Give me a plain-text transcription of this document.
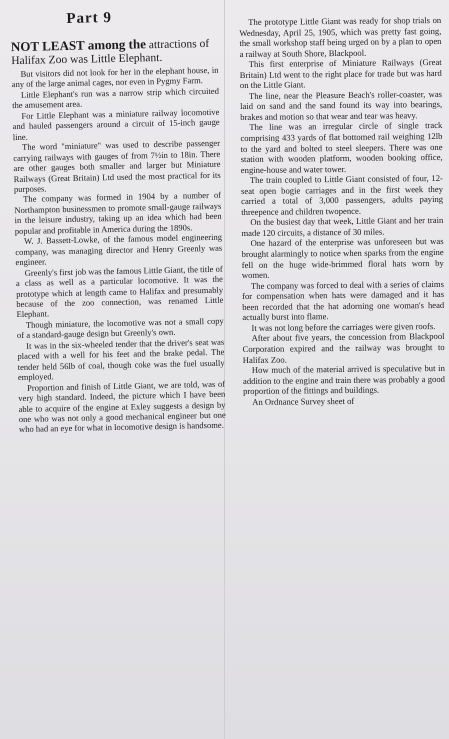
Part 9
NOT LEAST among the attractions of Halifax Zoo was Little Elephant.

But visitors did not look for her in the elephant house, in any of the large animal cages, nor even in Pygmy Farm.

Little Elephant's run was a narrow strip which circuited the amusement area.

For Little Elephant was a miniature railway locomotive and hauled passengers around a circuit of 15-inch gauge line.

The word "miniature" was used to describe passenger carrying railways with gauges of from 7½in to 18in. There are other gauges both smaller and larger but Miniature Railways (Great Britain) Ltd used the most practical for its purposes.

The company was formed in 1904 by a number of Northampton businessmen to promote small-gauge railways in the leisure industry, taking up an idea which had been popular and profitable in America during the 1890s.

W. J. Bassett-Lowke, of the famous model engineering company, was managing director and Henry Greenly was engineer.

Greenly's first job was the famous Little Giant, the title of a class as well as a particular locomotive. It was the prototype which at length came to Halifax and presumably because of the zoo connection, was renamed Little Elephant.

Though miniature, the locomotive was not a small copy of a standard-gauge design but Greenly's own.

It was in the six-wheeled tender that the driver's seat was placed with a well for his feet and the brake pedal. The tender held 56lb of coal, though coke was the fuel usually employed.

Proportion and finish of Little Giant, we are told, was of very high standard. Indeed, the picture which I have been able to acquire of the engine at Exley suggests a design by one who was not only a good mechanical engineer but one who had an eye for what in locomotive design is handsome.

The prototype Little Giant was ready for shop trials on Wednesday, April 25, 1905, which was pretty fast going, the small workshop staff being urged on by a plan to open a railway at South Shore, Blackpool.

This first enterprise of Miniature Railways (Great Britain) Ltd went to the right place for trade but was hard on the Little Giant.

The line, near the Pleasure Beach's roller-coaster, was laid on sand and the sand found its way into bearings, brakes and motion so that wear and tear was heavy.

The line was an irregular circle of single track comprising 433 yards of flat bottomed rail weighing 12lb to the yard and bolted to steel sleepers. There was one station with wooden platform, wooden booking office, engine-house and water tower.

The train coupled to Little Giant consisted of four, 12-seat open bogie carriages and in the first week they carried a total of 3,000 passengers, adults paying threepence and children twopence.

On the busiest day that week, Little Giant and her train made 120 circuits, a distance of 30 miles.

One hazard of the enterprise was unforeseen but was brought alarmingly to notice when sparks from the engine fell on the huge wide-brimmed floral hats worn by women.

The company was forced to deal with a series of claims for compensation when hats were damaged and it has been recorded that the hat adorning one woman's head actually burst into flame.

It was not long before the carriages were given roofs.

After about five years, the concession from Blackpool Corporation expired and the railway was brought to Halifax Zoo.

How much of the material arrived is speculative but in addition to the engine and train there was probably a good proportion of the fittings and buildings.

An Ordnance Survey sheet of
